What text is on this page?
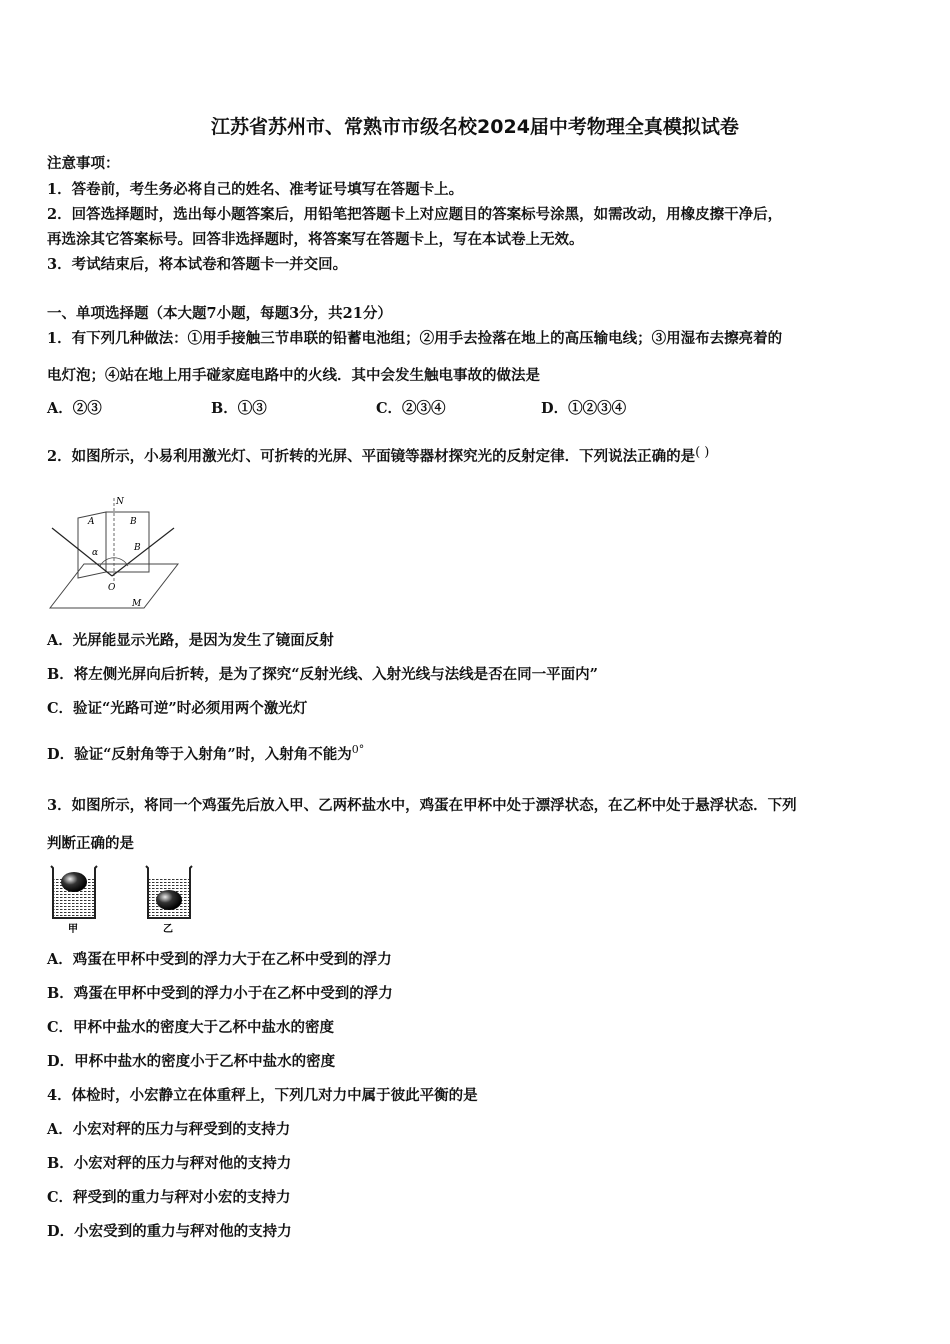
江苏省苏州市、常熟市市级名校2024届中考物理全真模拟试卷
注意事项：
1．答卷前，考生务必将自己的姓名、准考证号填写在答题卡上。
2．回答选择题时，选出每小题答案后，用铅笔把答题卡上对应题目的答案标号涂黑，如需改动，用橡皮擦干净后，
再选涂其它答案标号。回答非选择题时，将答案写在答题卡上，写在本试卷上无效。
3．考试结束后，将本试卷和答题卡一并交回。
一、单项选择题（本大题7小题，每题3分，共21分）
1．有下列几种做法：①用手接触三节串联的铅蓄电池组；②用手去捡落在地上的高压输电线；③用湿布去擦亮着的
电灯泡；④站在地上用手碰家庭电路中的火线．其中会发生触电事故的做法是
A．②③	B．①③	C．②③④	D．①②③④
2．如图所示，小易利用激光灯、可折转的光屏、平面镜等器材探究光的反射定律．下列说法正确的是( )
N
A	B
B
α
O
M
A．光屏能显示光路，是因为发生了镜面反射
B．将左侧光屏向后折转，是为了探究“反射光线、入射光线与法线是否在同一平面内”
C．验证“光路可逆”时必须用两个激光灯
D．验证“反射角等于入射角”时，入射角不能为$^{0^\circ}$
3．如图所示，将同一个鸡蛋先后放入甲、乙两杯盐水中，鸡蛋在甲杯中处于漂浮状态，在乙杯中处于悬浮状态．下列
判断正确的是
甲	乙
A．鸡蛋在甲杯中受到的浮力大于在乙杯中受到的浮力
B．鸡蛋在甲杯中受到的浮力小于在乙杯中受到的浮力
C．甲杯中盐水的密度大于乙杯中盐水的密度
D．甲杯中盐水的密度小于乙杯中盐水的密度
4．体检时，小宏静立在体重秤上，下列几对力中属于彼此平衡的是
A．小宏对秤的压力与秤受到的支持力
B．小宏对秤的压力与秤对他的支持力
C．秤受到的重力与秤对小宏的支持力
D．小宏受到的重力与秤对他的支持力
